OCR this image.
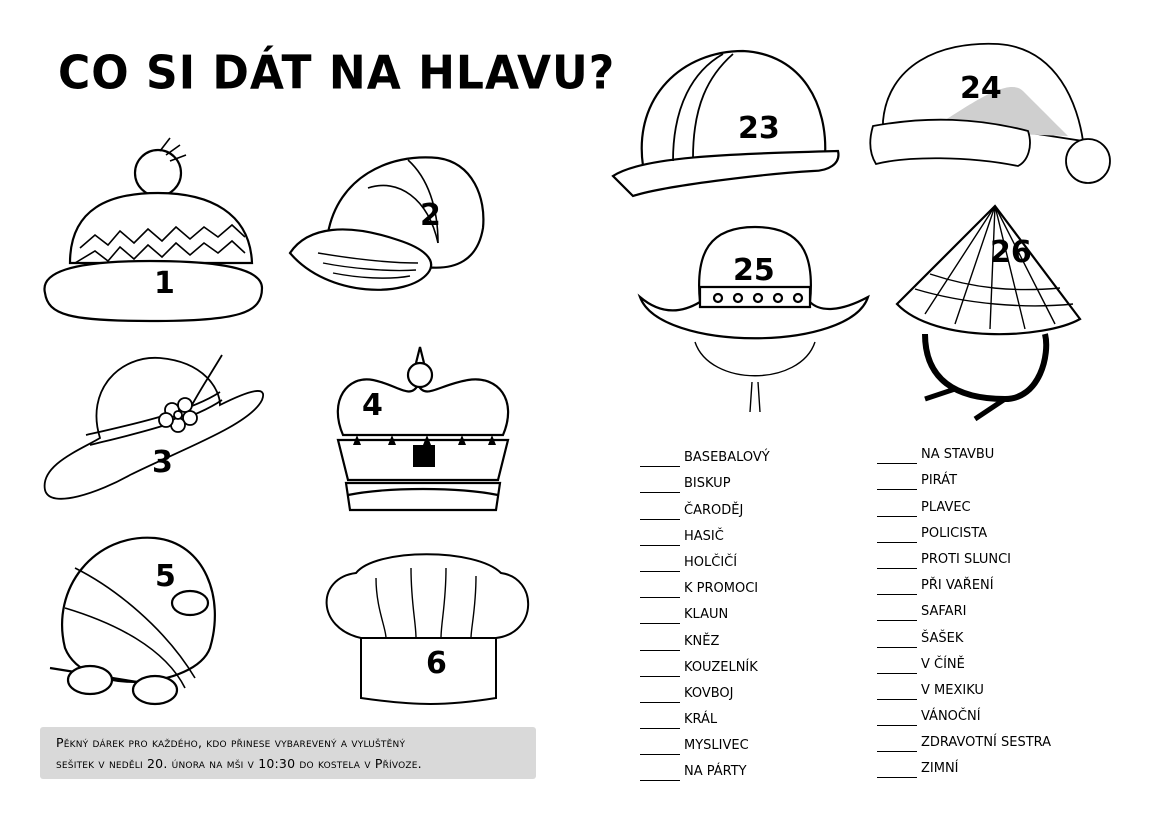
CO SI DÁT NA HLAVU?
1
2
3
4
5
6
23
24
25
26
Pěkný dárek pro každého, kdo přinese vybarevený a vyluštěný
sešitek v neděli 20. února na mši v 10:30 do kostela v Přívoze.
BASEBALOVÝ
BISKUP
ČARODĚJ
HASIČ
HOLČIČÍ
K PROMOCI
KLAUN
KNĚZ
KOUZELNÍK
KOVBOJ
KRÁL
MYSLIVEC
NA PÁRTY
NA STAVBU
PIRÁT
PLAVEC
POLICISTA
PROTI SLUNCI
PŘI VAŘENÍ
SAFARI
ŠAŠEK
V ČÍNĚ
V MEXIKU
VÁNOČNÍ
ZDRAVOTNÍ SESTRA
ZIMNÍ
